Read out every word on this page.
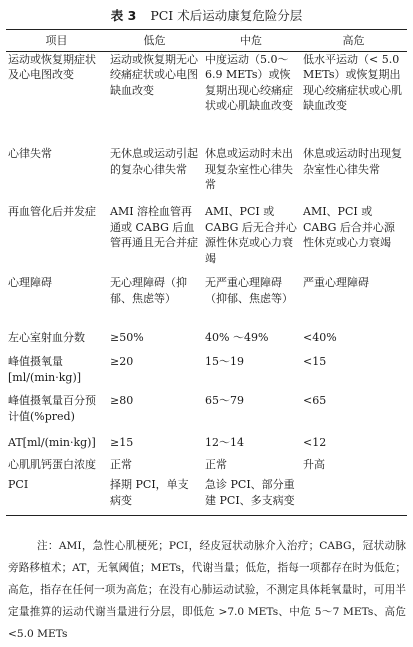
表 3 PCI 术后运动康复危险分层
项目	低危	中危	高危
运动或恢复期症状及心电图改变	运动或恢复期无心绞痛症状或心电图缺血改变	中度运动（5.0～6.9 METs）或恢复期出现心绞痛症状或心肌缺血改变	低水平运动（< 5.0 METs）或恢复期出现心绞痛症状或心肌缺血改变
心律失常	无休息或运动引起的复杂心律失常	休息或运动时未出现复杂室性心律失常	休息或运动时出现复杂室性心律失常
再血管化后并发症	AMI 溶栓血管再通或 CABG 后血管再通且无合并症	AMI、PCI 或 CABG 后无合并心源性休克或心力衰竭	AMI、PCI 或 CABG 后合并心源性休克或心力衰竭
心理障碍	无心理障碍（抑郁、焦虑等）	无严重心理障碍（抑郁、焦虑等）	严重心理障碍
左心室射血分数	≥50%	40% ～49%	<40%
峰值摄氧量[ml/(min·kg)]	≥20	15～19	<15
峰值摄氧量百分预计值(%pred)	≥80	65～79	<65
AT[ml/(min·kg)]	≥15	12～14	<12
心肌肌钙蛋白浓度	正常	正常	升高
PCI	择期 PCI，单支病变	急诊 PCI、部分重建 PCI、多支病变	
注：AMI，急性心肌梗死；PCI，经皮冠状动脉介入治疗；CABG，冠状动脉旁路移植术；AT，无氧阈值；METs，代谢当量；低危，指每一项都存在时为低危；高危，指存在任何一项为高危；在没有心肺运动试验，不测定具体耗氧量时，可用半定量推算的运动代谢当量进行分层，即低危 >7.0 METs、中危 5～7 METs、高危 <5.0 METs
